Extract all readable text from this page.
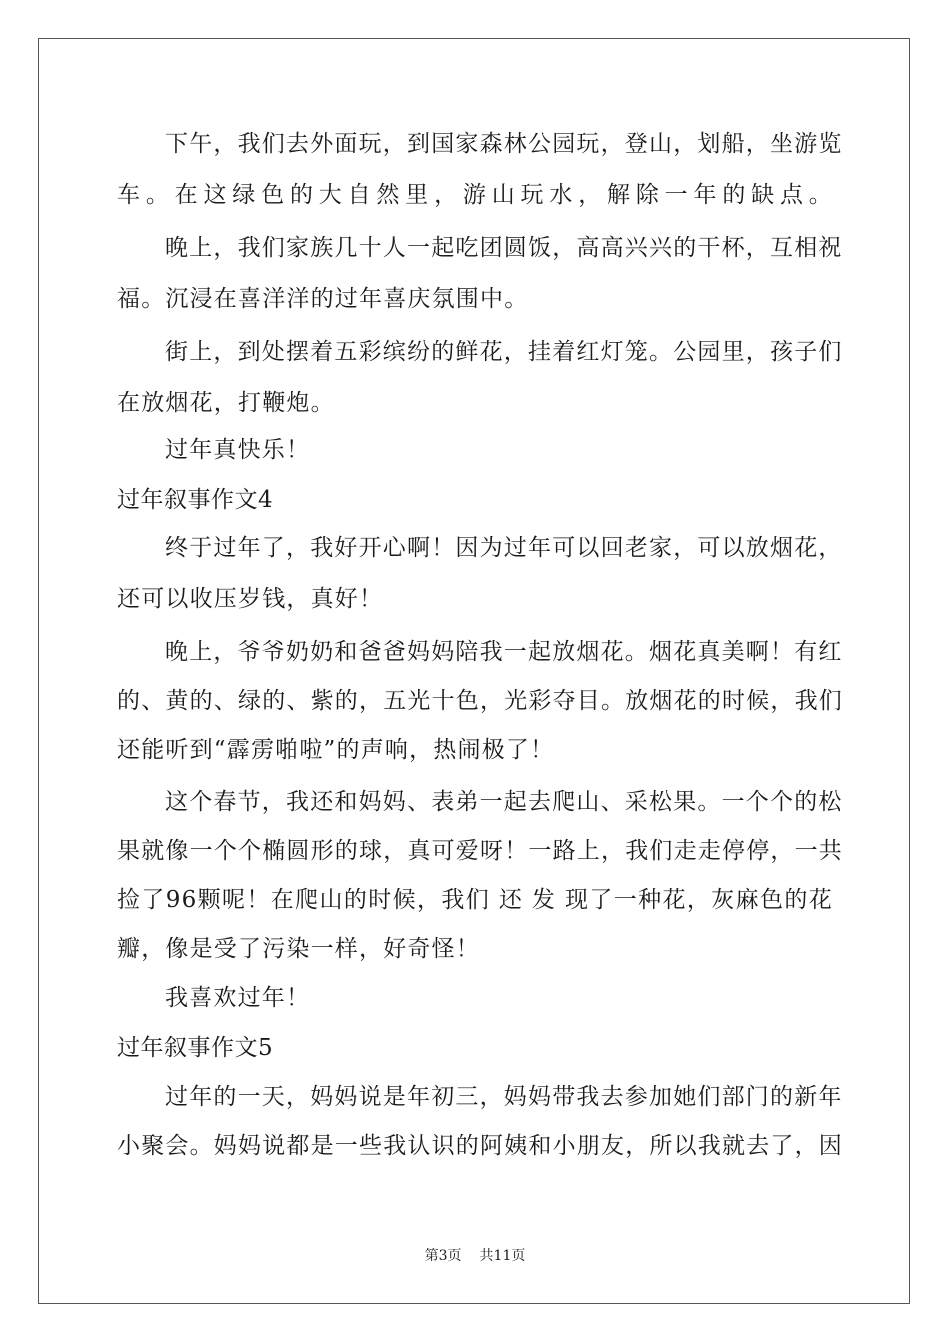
下午，我们去外面玩，到国家森林公园玩，登山，划船，坐游览
车。在这绿色的大自然里，游山玩水，解除一年的缺点。
晚上，我们家族几十人一起吃团圆饭，高高兴兴的干杯，互相祝
福。沉浸在喜洋洋的过年喜庆氛围中。
街上，到处摆着五彩缤纷的鲜花，挂着红灯笼。公园里，孩子们
在放烟花，打鞭炮。
过年真快乐！
过年叙事作文4
终于过年了，我好开心啊！因为过年可以回老家，可以放烟花，
还可以收压岁钱，真好！
晚上，爷爷奶奶和爸爸妈妈陪我一起放烟花。烟花真美啊！有红
的、黄的、绿的、紫的，五光十色，光彩夺目。放烟花的时候，我们
还能听到“霹雳啪啦”的声响，热闹极了！
这个春节，我还和妈妈、表弟一起去爬山、采松果。一个个的松
果就像一个个椭圆形的球，真可爱呀！一路上，我们走走停停，一共
捡了96颗呢！在爬山的时候，我们 还 发 现了一种花，灰麻色的花
瓣，像是受了污染一样，好奇怪！
我喜欢过年！
过年叙事作文5
过年的一天，妈妈说是年初三，妈妈带我去参加她们部门的新年
小聚会。妈妈说都是一些我认识的阿姨和小朋友，所以我就去了，因
第3页 共11页
